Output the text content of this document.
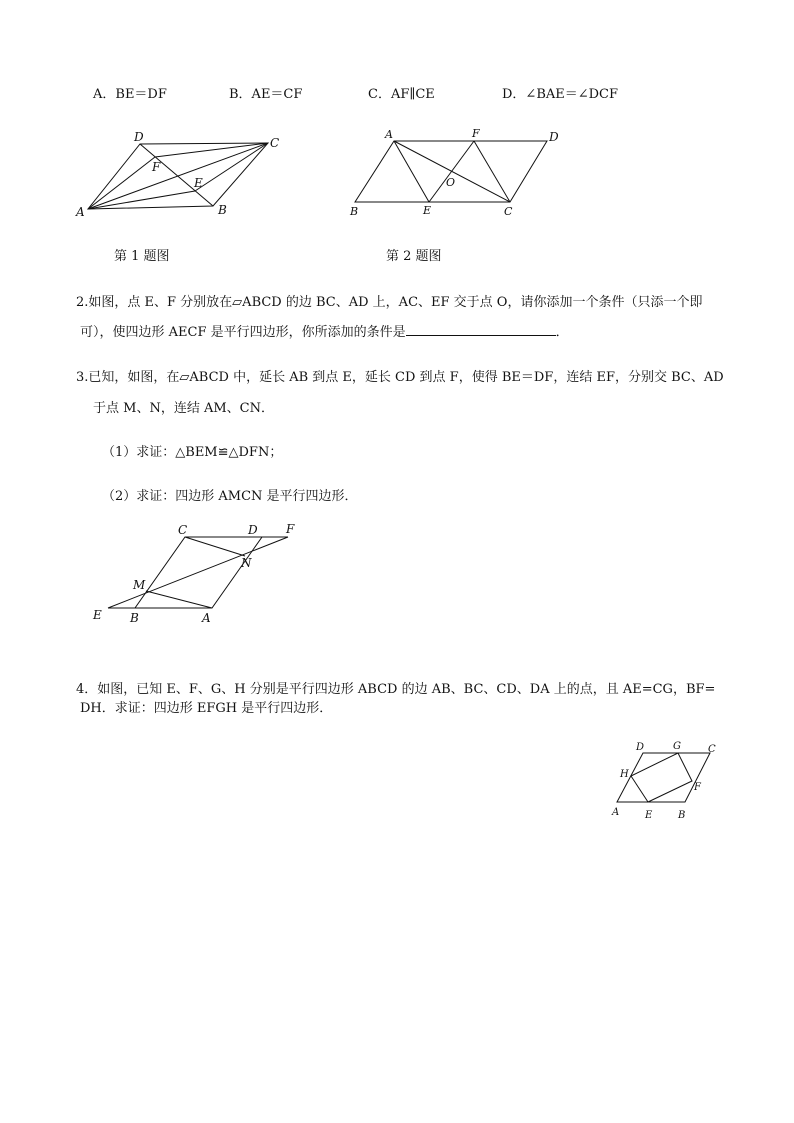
A．BE＝DF	B．AE＝CF	C．AF∥CE	D．∠BAE＝∠DCF
A	B
C
D
E
F
A
B	C
D
E
F
O
第 1 题图	第 2 题图
2.如图，点 E、F 分别放在▱ABCD 的边 BC、AD 上，AC、EF 交于点 O，请你添加一个条件（只添一个即
可），使四边形 AECF 是平行四边形，你所添加的条件是	．
3.已知，如图，在▱ABCD 中，延长 AB 到点 E，延长 CD 到点 F，使得 BE＝DF，连结 EF，分别交 BC、AD
于点 M、N，连结 AM、CN．
（1）求证：△BEM≌△DFN；
（2）求证：四边形 AMCN 是平行四边形．
A
B
C	D
E
F
M
N
4．如图，已知 E、F、G、H 分别是平行四边形 ABCD 的边 AB、BC、CD、DA 上的点，且 AE=CG，BF=
DH．求证：四边形 EFGH 是平行四边形．
A	B
C
D
E
F
G
H
